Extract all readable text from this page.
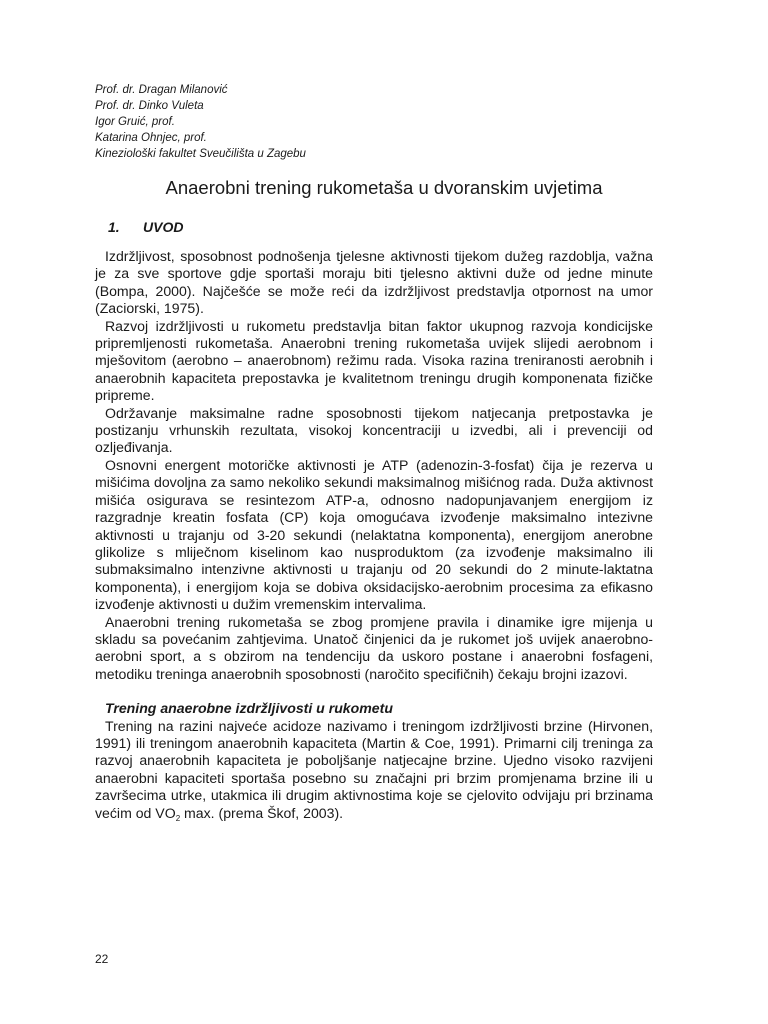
Prof. dr. Dragan Milanović
Prof. dr. Dinko Vuleta
Igor Gruić, prof.
Katarina Ohnjec, prof.
Kineziološki fakultet Sveučilišta u Zagebu
Anaerobni trening rukometaša u dvoranskim uvjetima
1. UVOD

Izdržljivost, sposobnost podnošenja tjelesne aktivnosti tijekom dužeg razdoblja, važna je za sve sportove gdje sportaši moraju biti tjelesno aktivni duže od jedne minute (Bompa, 2000). Najčešće se može reći da izdržljivost predstavlja otpornost na umor (Zaciorski, 1975).

Razvoj izdržljivosti u rukometu predstavlja bitan faktor ukupnog razvoja kondicijske pripremljenosti rukometaša. Anaerobni trening rukometaša uvijek slijedi aerobnom i mješovitom (aerobno – anaerobnom) režimu rada. Visoka razina treniranosti aerobnih i anaerobnih kapaciteta prepostavka je kvalitetnom treningu drugih komponenata fizičke pripreme.

Održavanje maksimalne radne sposobnosti tijekom natjecanja pretpostavka je postizanju vrhunskih rezultata, visokoj koncentraciji u izvedbi, ali i prevenciji od ozljeđivanja.

Osnovni energent motoričke aktivnosti je ATP (adenozin-3-fosfat) čija je rezerva u mišićima dovoljna za samo nekoliko sekundi maksimalnog mišićnog rada. Duža aktivnost mišića osigurava se resintezom ATP-a, odnosno nadopunjavanjem energijom iz razgradnje kreatin fosfata (CP) koja omogućava izvođenje maksimalno intezivne aktivnosti u trajanju od 3-20 sekundi (nelaktatna komponenta), energijom anerobne glikolize s mliječnom kiselinom kao nusproduktom (za izvođenje maksimalno ili submaksimalno intenzivne aktivnosti u trajanju od 20 sekundi do 2 minute-laktatna komponenta), i energijom koja se dobiva oksidacijsko-aerobnim procesima za efikasno izvođenje aktivnosti u dužim vremenskim intervalima.

Anaerobni trening rukometaša se zbog promjene pravila i dinamike igre mijenja u skladu sa povećanim zahtjevima. Unatoč činjenici da je rukomet još uvijek anaerobno-aerobni sport, a s obzirom na tendenciju da uskoro postane i anaerobni fosfageni, metodiku treninga anaerobnih sposobnosti (naročito specifičnih) čekaju brojni izazovi.

Trening anaerobne izdržljivosti u rukometu

Trening na razini najveće acidoze nazivamo i treningom izdržljivosti brzine (Hirvonen, 1991) ili treningom anaerobnih kapaciteta (Martin & Coe, 1991). Primarni cilj treninga za razvoj anaerobnih kapaciteta je poboljšanje natjecajne brzine. Ujedno visoko razvijeni anaerobni kapaciteti sportaša posebno su značajni pri brzim promjenama brzine ili u završecima utrke, utakmica ili drugim aktivnostima koje se cjelovito odvijaju pri brzinama većim od $VO_2$ max. (prema Škof, 2003).

22
